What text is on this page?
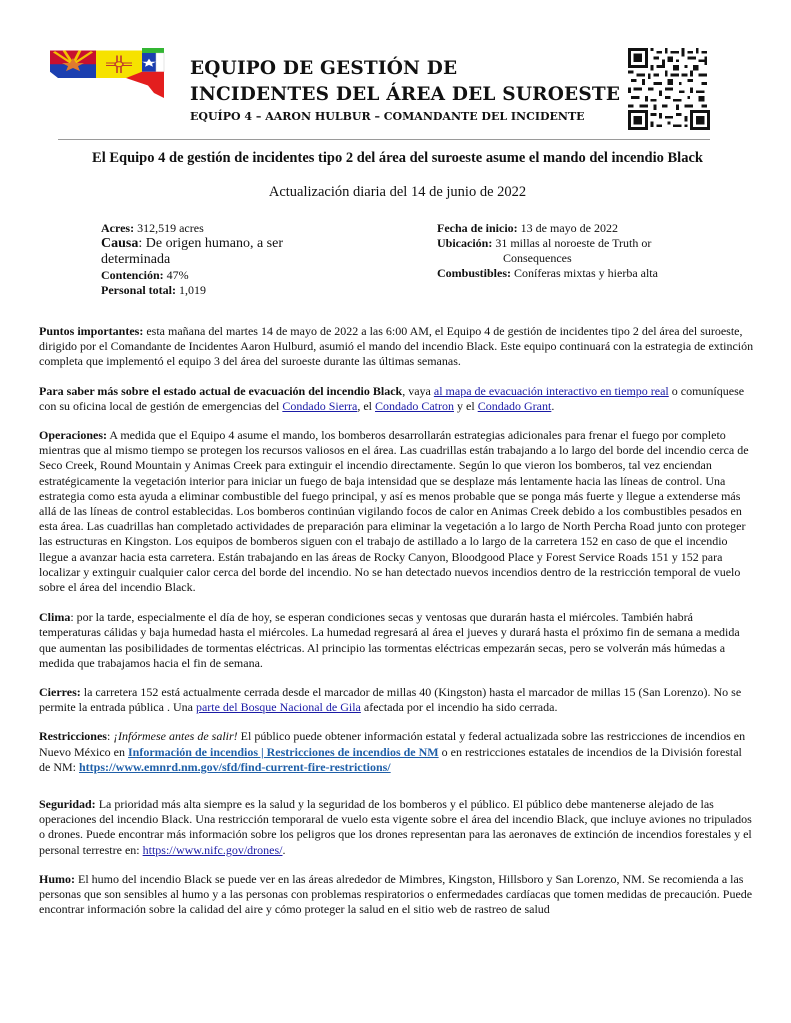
EQUIPO DE GESTIÓN DE
INCIDENTES DEL ÁREA DEL SUROESTE
EQUÍPO 4 – AARON HULBUR – COMANDANTE DEL INCIDENTE
El Equipo 4 de gestión de incidentes tipo 2 del área del suroeste asume el mando del incendio Black
Actualización diaria del 14 de junio de 2022
Acres: 312,519 acres
Causa: De origen humano, a ser determinada
Contención: 47%
Personal total: 1,019
Fecha de inicio: 13 de mayo de 2022
Ubicación: 31 millas al noroeste de Truth or
Consequences
Combustibles: Coníferas mixtas y hierba alta

Puntos importantes: esta mañana del martes 14 de mayo de 2022 a las 6:00 AM, el Equipo 4 de gestión de incidentes tipo 2 del área del suroeste, dirigido por el Comandante de Incidentes Aaron Hulburd, asumió el mando del incendio Black. Este equipo continuará con la estrategia de extinción completa que implementó el equipo 3 del área del suroeste durante las últimas semanas.

Para saber más sobre el estado actual de evacuación del incendio Black, vaya al mapa de evacuación interactivo en tiempo real o comuníquese con su oficina local de gestión de emergencias del Condado Sierra, el Condado Catron y el Condado Grant.

Operaciones: A medida que el Equipo 4 asume el mando, los bomberos desarrollarán estrategias adicionales para frenar el fuego por completo mientras que al mismo tiempo se protegen los recursos valiosos en el área. Las cuadrillas están trabajando a lo largo del borde del incendio cerca de Seco Creek, Round Mountain y Animas Creek para extinguir el incendio directamente. Según lo que vieron los bomberos, tal vez enciendan estratégicamente la vegetación interior para iniciar un fuego de baja intensidad que se desplaze más lentamente hacia las líneas de control. Una estrategia como esta ayuda a eliminar combustible del fuego principal, y así es menos probable que se ponga más fuerte y llegue a extenderse más allá de las líneas de control establecidas. Los bomberos continúan vigilando focos de calor en Animas Creek debido a los combustibles pesados en esta área. Las cuadrillas han completado actividades de preparación para eliminar la vegetación a lo largo de North Percha Road junto con proteger las estructuras en Kingston. Los equipos de bomberos siguen con el trabajo de astillado a lo largo de la carretera 152 en caso de que el incendio llegue a avanzar hacia esta carretera. Están trabajando en las áreas de Rocky Canyon, Bloodgood Place y Forest Service Roads 151 y 152 para localizar y extinguir cualquier calor cerca del borde del incendio. No se han detectado nuevos incendios dentro de la restricción temporal de vuelo sobre el área del incendio Black.

Clima: por la tarde, especialmente el día de hoy, se esperan condiciones secas y ventosas que durarán hasta el miércoles. También habrá temperaturas cálidas y baja humedad hasta el miércoles. La humedad regresará al área el jueves y durará hasta el próximo fin de semana a medida que aumentan las posibilidades de tormentas eléctricas. Al principio las tormentas eléctricas empezarán secas, pero se volverán más húmedas a medida que trabajamos hacia el fin de semana.

Cierres: la carretera 152 está actualmente cerrada desde el marcador de millas 40 (Kingston) hasta el marcador de millas 15 (San Lorenzo). No se permite la entrada pública . Una parte del Bosque Nacional de Gila afectada por el incendio ha sido cerrada.

Restricciones: ¡Infórmese antes de salir! El público puede obtener información estatal y federal actualizada sobre las restricciones de incendios en Nuevo México en Información de incendios | Restricciones de incendios de NM o en restricciones estatales de incendios de la División forestal de NM: https://www.emnrd.nm.gov/sfd/find-current-fire-restrictions/

Seguridad: La prioridad más alta siempre es la salud y la seguridad de los bomberos y el público. El público debe mantenerse alejado de las operaciones del incendio Black. Una restricción temporaral de vuelo esta vigente sobre el área del incendio Black, que incluye aviones no tripulados o drones. Puede encontrar más información sobre los peligros que los drones representan para las aeronaves de extinción de incendios forestales y el personal terrestre en: https://www.nifc.gov/drones/.

Humo: El humo del incendio Black se puede ver en las áreas alrededor de Mimbres, Kingston, Hillsboro y San Lorenzo, NM. Se recomienda a las personas que son sensibles al humo y a las personas con problemas respiratorios o enfermedades cardíacas que tomen medidas de precaución. Puede encontrar información sobre la calidad del aire y cómo proteger la salud en el sitio web de rastreo de salud
